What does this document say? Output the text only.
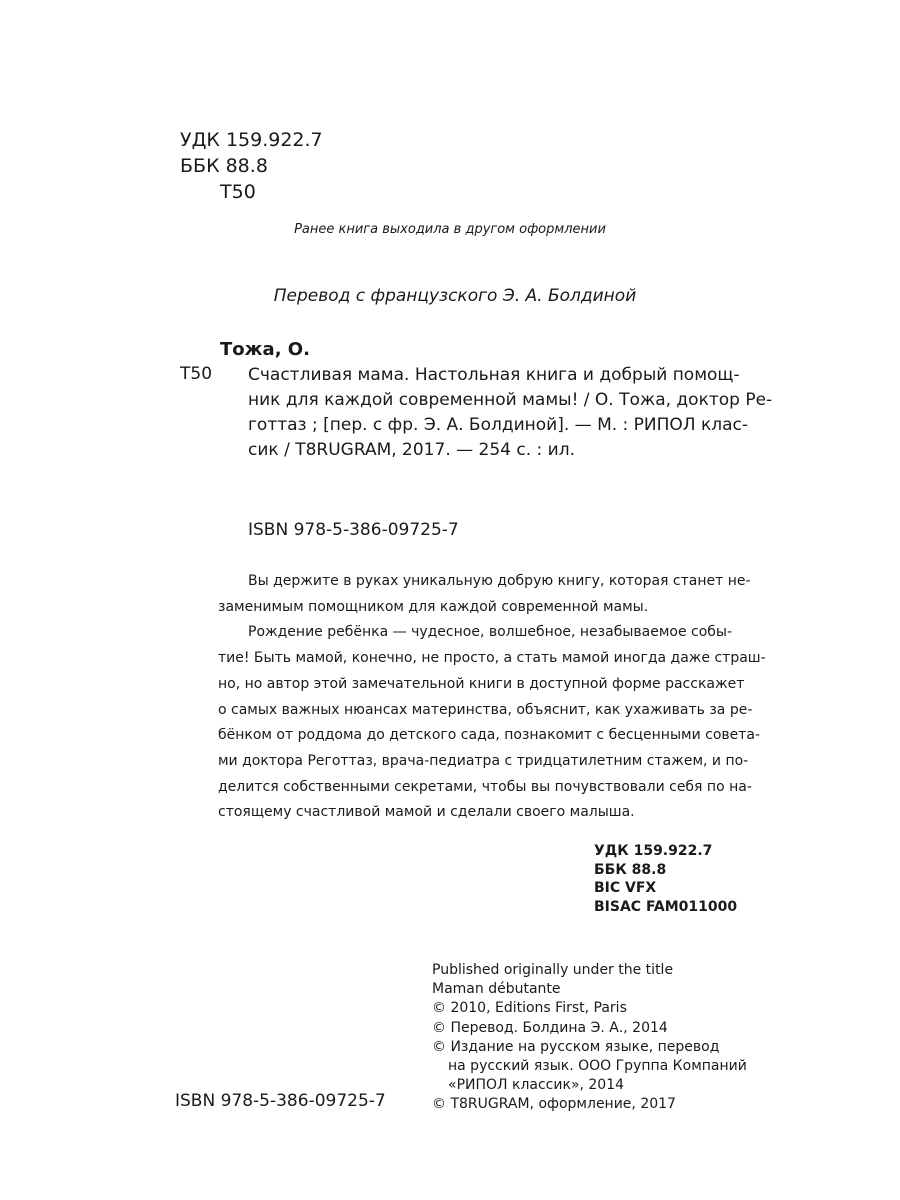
УДК 159.922.7
ББК 88.8
Т50
Ранее книга выходила в другом оформлении
Перевод с французского Э. А. Болдиной
Тожа, О.
Т50 Счастливая мама. Настольная книга и добрый помощ-
ник для каждой современной мамы! / О. Тожа, доктор Ре-
готтаз ; [пер. с фр. Э. А. Болдиной]. — М. : РИПОЛ клас-
сик / T8RUGRAM, 2017. — 254 с. : ил.
ISBN 978-5-386-09725-7
Вы держите в руках уникальную добрую книгу, которая станет не-
заменимым помощником для каждой современной мамы.
Рождение ребёнка — чудесное, волшебное, незабываемое собы-
тие! Быть мамой, конечно, не просто, а стать мамой иногда даже страш-
но, но автор этой замечательной книги в доступной форме расскажет
о самых важных нюансах материнства, объяснит, как ухаживать за ре-
бёнком от роддома до детского сада, познакомит с бесценными совета-
ми доктора Реготтаз, врача-педиатра с тридцатилетним стажем, и по-
делится собственными секретами, чтобы вы почувствовали себя по на-
стоящему счастливой мамой и сделали своего малыша.
УДК 159.922.7
ББК 88.8
BIC VFX
BISAC FAM011000
Published originally under the title
Maman débutante
© 2010, Editions First, Paris
© Перевод. Болдина Э. А., 2014
© Издание на русском языке, перевод
на русский язык. ООО Группа Компаний
«РИПОЛ классик», 2014
© T8RUGRAM, оформление, 2017
ISBN 978-5-386-09725-7
